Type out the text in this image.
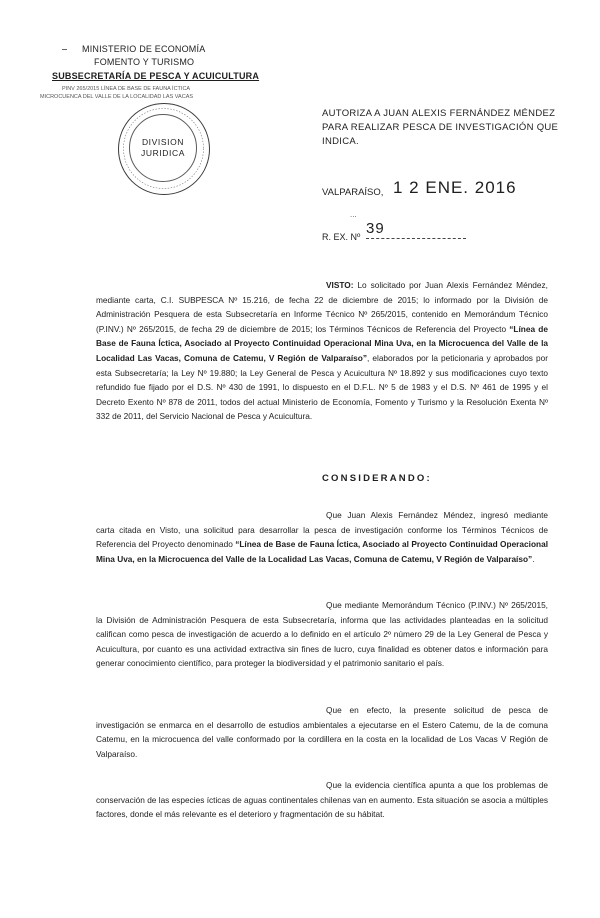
MINISTERIO DE ECONOMÍA
FOMENTO Y TURISMO
SUBSECRETARÍA DE PESCA Y ACUICULTURA
PINV 265/2015 LÍNEA DE BASE DE FAUNA ÍCTICA
MICROCUENCA DEL VALLE DE LA LOCALIDAD LAS VACAS
DIVISION
JURIDICA
AUTORIZA A JUAN ALEXIS FERNÁNDEZ MÉNDEZ PARA REALIZAR PESCA DE INVESTIGACIÓN QUE INDICA.
VALPARAÍSO, 1 2 ENE. 2016
...
R. EX. Nº 39
VISTO: Lo solicitado por Juan Alexis Fernández Méndez, mediante carta, C.I. SUBPESCA Nº 15.216, de fecha 22 de diciembre de 2015; lo informado por la División de Administración Pesquera de esta Subsecretaría en Informe Técnico Nº 265/2015, contenido en Memorándum Técnico (P.INV.) Nº 265/2015, de fecha 29 de diciembre de 2015; los Términos Técnicos de Referencia del Proyecto “Línea de Base de Fauna Íctica, Asociado al Proyecto Continuidad Operacional Mina Uva, en la Microcuenca del Valle de la Localidad Las Vacas, Comuna de Catemu, V Región de Valparaíso”, elaborados por la peticionaria y aprobados por esta Subsecretaría; la Ley Nº 19.880; la Ley General de Pesca y Acuicultura Nº 18.892 y sus modificaciones cuyo texto refundido fue fijado por el D.S. Nº 430 de 1991, lo dispuesto en el D.F.L. Nº 5 de 1983 y el D.S. Nº 461 de 1995 y el Decreto Exento Nº 878 de 2011, todos del actual Ministerio de Economía, Fomento y Turismo y la Resolución Exenta Nº 332 de 2011, del Servicio Nacional de Pesca y Acuicultura.
CONSIDERANDO:
Que Juan Alexis Fernández Méndez, ingresó mediante carta citada en Visto, una solicitud para desarrollar la pesca de investigación conforme los Términos Técnicos de Referencia del Proyecto denominado “Línea de Base de Fauna Íctica, Asociado al Proyecto Continuidad Operacional Mina Uva, en la Microcuenca del Valle de la Localidad Las Vacas, Comuna de Catemu, V Región de Valparaíso”.
Que mediante Memorándum Técnico (P.INV.) Nº 265/2015, la División de Administración Pesquera de esta Subsecretaría, informa que las actividades planteadas en la solicitud califican como pesca de investigación de acuerdo a lo definido en el artículo 2º número 29 de la Ley General de Pesca y Acuicultura, por cuanto es una actividad extractiva sin fines de lucro, cuya finalidad es obtener datos e información para generar conocimiento científico, para proteger la biodiversidad y el patrimonio sanitario el país.
Que en efecto, la presente solicitud de pesca de investigación se enmarca en el desarrollo de estudios ambientales a ejecutarse en el Estero Catemu, de la de comuna Catemu, en la microcuenca del valle conformado por la cordillera en la costa en la localidad de Los Vacas V Región de Valparaíso.
Que la evidencia científica apunta a que los problemas de conservación de las especies ícticas de aguas continentales chilenas van en aumento. Esta situación se asocia a múltiples factores, donde el más relevante es el deterioro y fragmentación de su hábitat.
